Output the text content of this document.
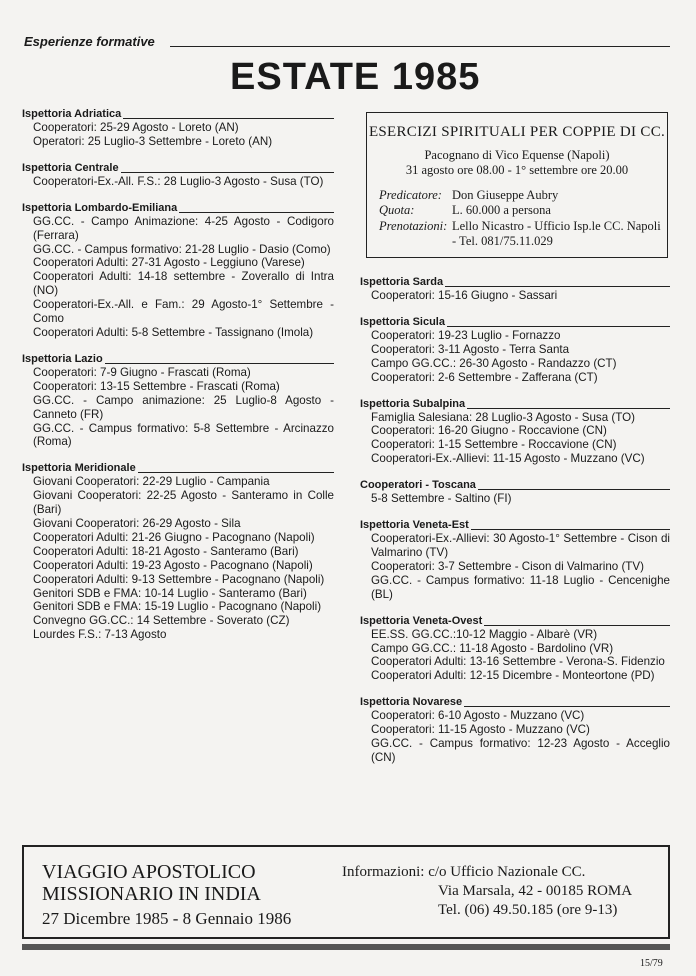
Esperienze formative
ESTATE 1985
Ispettoria Adriatica
Cooperatori: 25-29 Agosto - Loreto (AN)
Operatori: 25 Luglio-3 Settembre - Loreto (AN)
Ispettoria Centrale
Cooperatori-Ex.-All. F.S.: 28 Luglio-3 Agosto - Susa (TO)
Ispettoria Lombardo-Emiliana
GG.CC. - Campo Animazione: 4-25 Agosto - Codigoro (Ferrara)
GG.CC. - Campus formativo: 21-28 Luglio - Dasio (Como)
Cooperatori Adulti: 27-31 Agosto - Leggiuno (Varese)
Cooperatori Adulti: 14-18 settembre - Zoverallo di Intra (NO)
Cooperatori-Ex.-All. e Fam.: 29 Agosto-1° Settembre - Como
Cooperatori Adulti: 5-8 Settembre - Tassignano (Imola)
Ispettoria Lazio
Cooperatori: 7-9 Giugno - Frascati (Roma)
Cooperatori: 13-15 Settembre - Frascati (Roma)
GG.CC. - Campo animazione: 25 Luglio-8 Agosto - Canneto (FR)
GG.CC. - Campus formativo: 5-8 Settembre - Arcinazzo (Roma)
Ispettoria Meridionale
Giovani Cooperatori: 22-29 Luglio - Campania
Giovani Cooperatori: 22-25 Agosto - Santeramo in Colle (Bari)
Giovani Cooperatori: 26-29 Agosto - Sila
Cooperatori Adulti: 21-26 Giugno - Pacognano (Napoli)
Cooperatori Adulti: 18-21 Agosto - Santeramo (Bari)
Cooperatori Adulti: 19-23 Agosto - Pacognano (Napoli)
Cooperatori Adulti: 9-13 Settembre - Pacognano (Napoli)
Genitori SDB e FMA: 10-14 Luglio - Santeramo (Bari)
Genitori SDB e FMA: 15-19 Luglio - Pacognano (Napoli)
Convegno GG.CC.: 14 Settembre - Soverato (CZ)
Lourdes F.S.: 7-13 Agosto
ESERCIZI SPIRITUALI PER COPPIE DI CC.
Pacognano di Vico Equense (Napoli)
31 agosto ore 08.00 - 1° settembre ore 20.00
Predicatore: Don Giuseppe Aubry
Quota:	L. 60.000 a persona
Prenotazioni: Lello Nicastro - Ufficio Isp.le CC. Napoli - Tel. 081/75.11.029
Ispettoria Sarda
Cooperatori: 15-16 Giugno - Sassari
Ispettoria Sicula
Cooperatori: 19-23 Luglio - Fornazzo
Cooperatori: 3-11 Agosto - Terra Santa
Campo GG.CC.: 26-30 Agosto - Randazzo (CT)
Cooperatori: 2-6 Settembre - Zafferana (CT)
Ispettoria Subalpina
Famiglia Salesiana: 28 Luglio-3 Agosto - Susa (TO)
Cooperatori: 16-20 Giugno - Roccavione (CN)
Cooperatori: 1-15 Settembre - Roccavione (CN)
Cooperatori-Ex.-Allievi: 11-15 Agosto - Muzzano (VC)
Cooperatori - Toscana
5-8 Settembre - Saltino (FI)
Ispettoria Veneta-Est
Cooperatori-Ex.-Allievi: 30 Agosto-1° Settembre - Cison di Valmarino (TV)
Cooperatori: 3-7 Settembre - Cison di Valmarino (TV)
GG.CC. - Campus formativo: 11-18 Luglio - Cencenighe (BL)
Ispettoria Veneta-Ovest
EE.SS. GG.CC.:10-12 Maggio - Albarè (VR)
Campo GG.CC.: 11-18 Agosto - Bardolino (VR)
Cooperatori Adulti: 13-16 Settembre - Verona-S. Fidenzio
Cooperatori Adulti: 12-15 Dicembre - Monteortone (PD)
Ispettoria Novarese
Cooperatori: 6-10 Agosto - Muzzano (VC)
Cooperatori: 11-15 Agosto - Muzzano (VC)
GG.CC. - Campus formativo: 12-23 Agosto - Acceglio (CN)
VIAGGIO APOSTOLICO
MISSIONARIO IN INDIA
27 Dicembre 1985 - 8 Gennaio 1986
Informazioni: c/o Ufficio Nazionale CC.
Via Marsala, 42 - 00185 ROMA
Tel. (06) 49.50.185 (ore 9-13)
15/79
